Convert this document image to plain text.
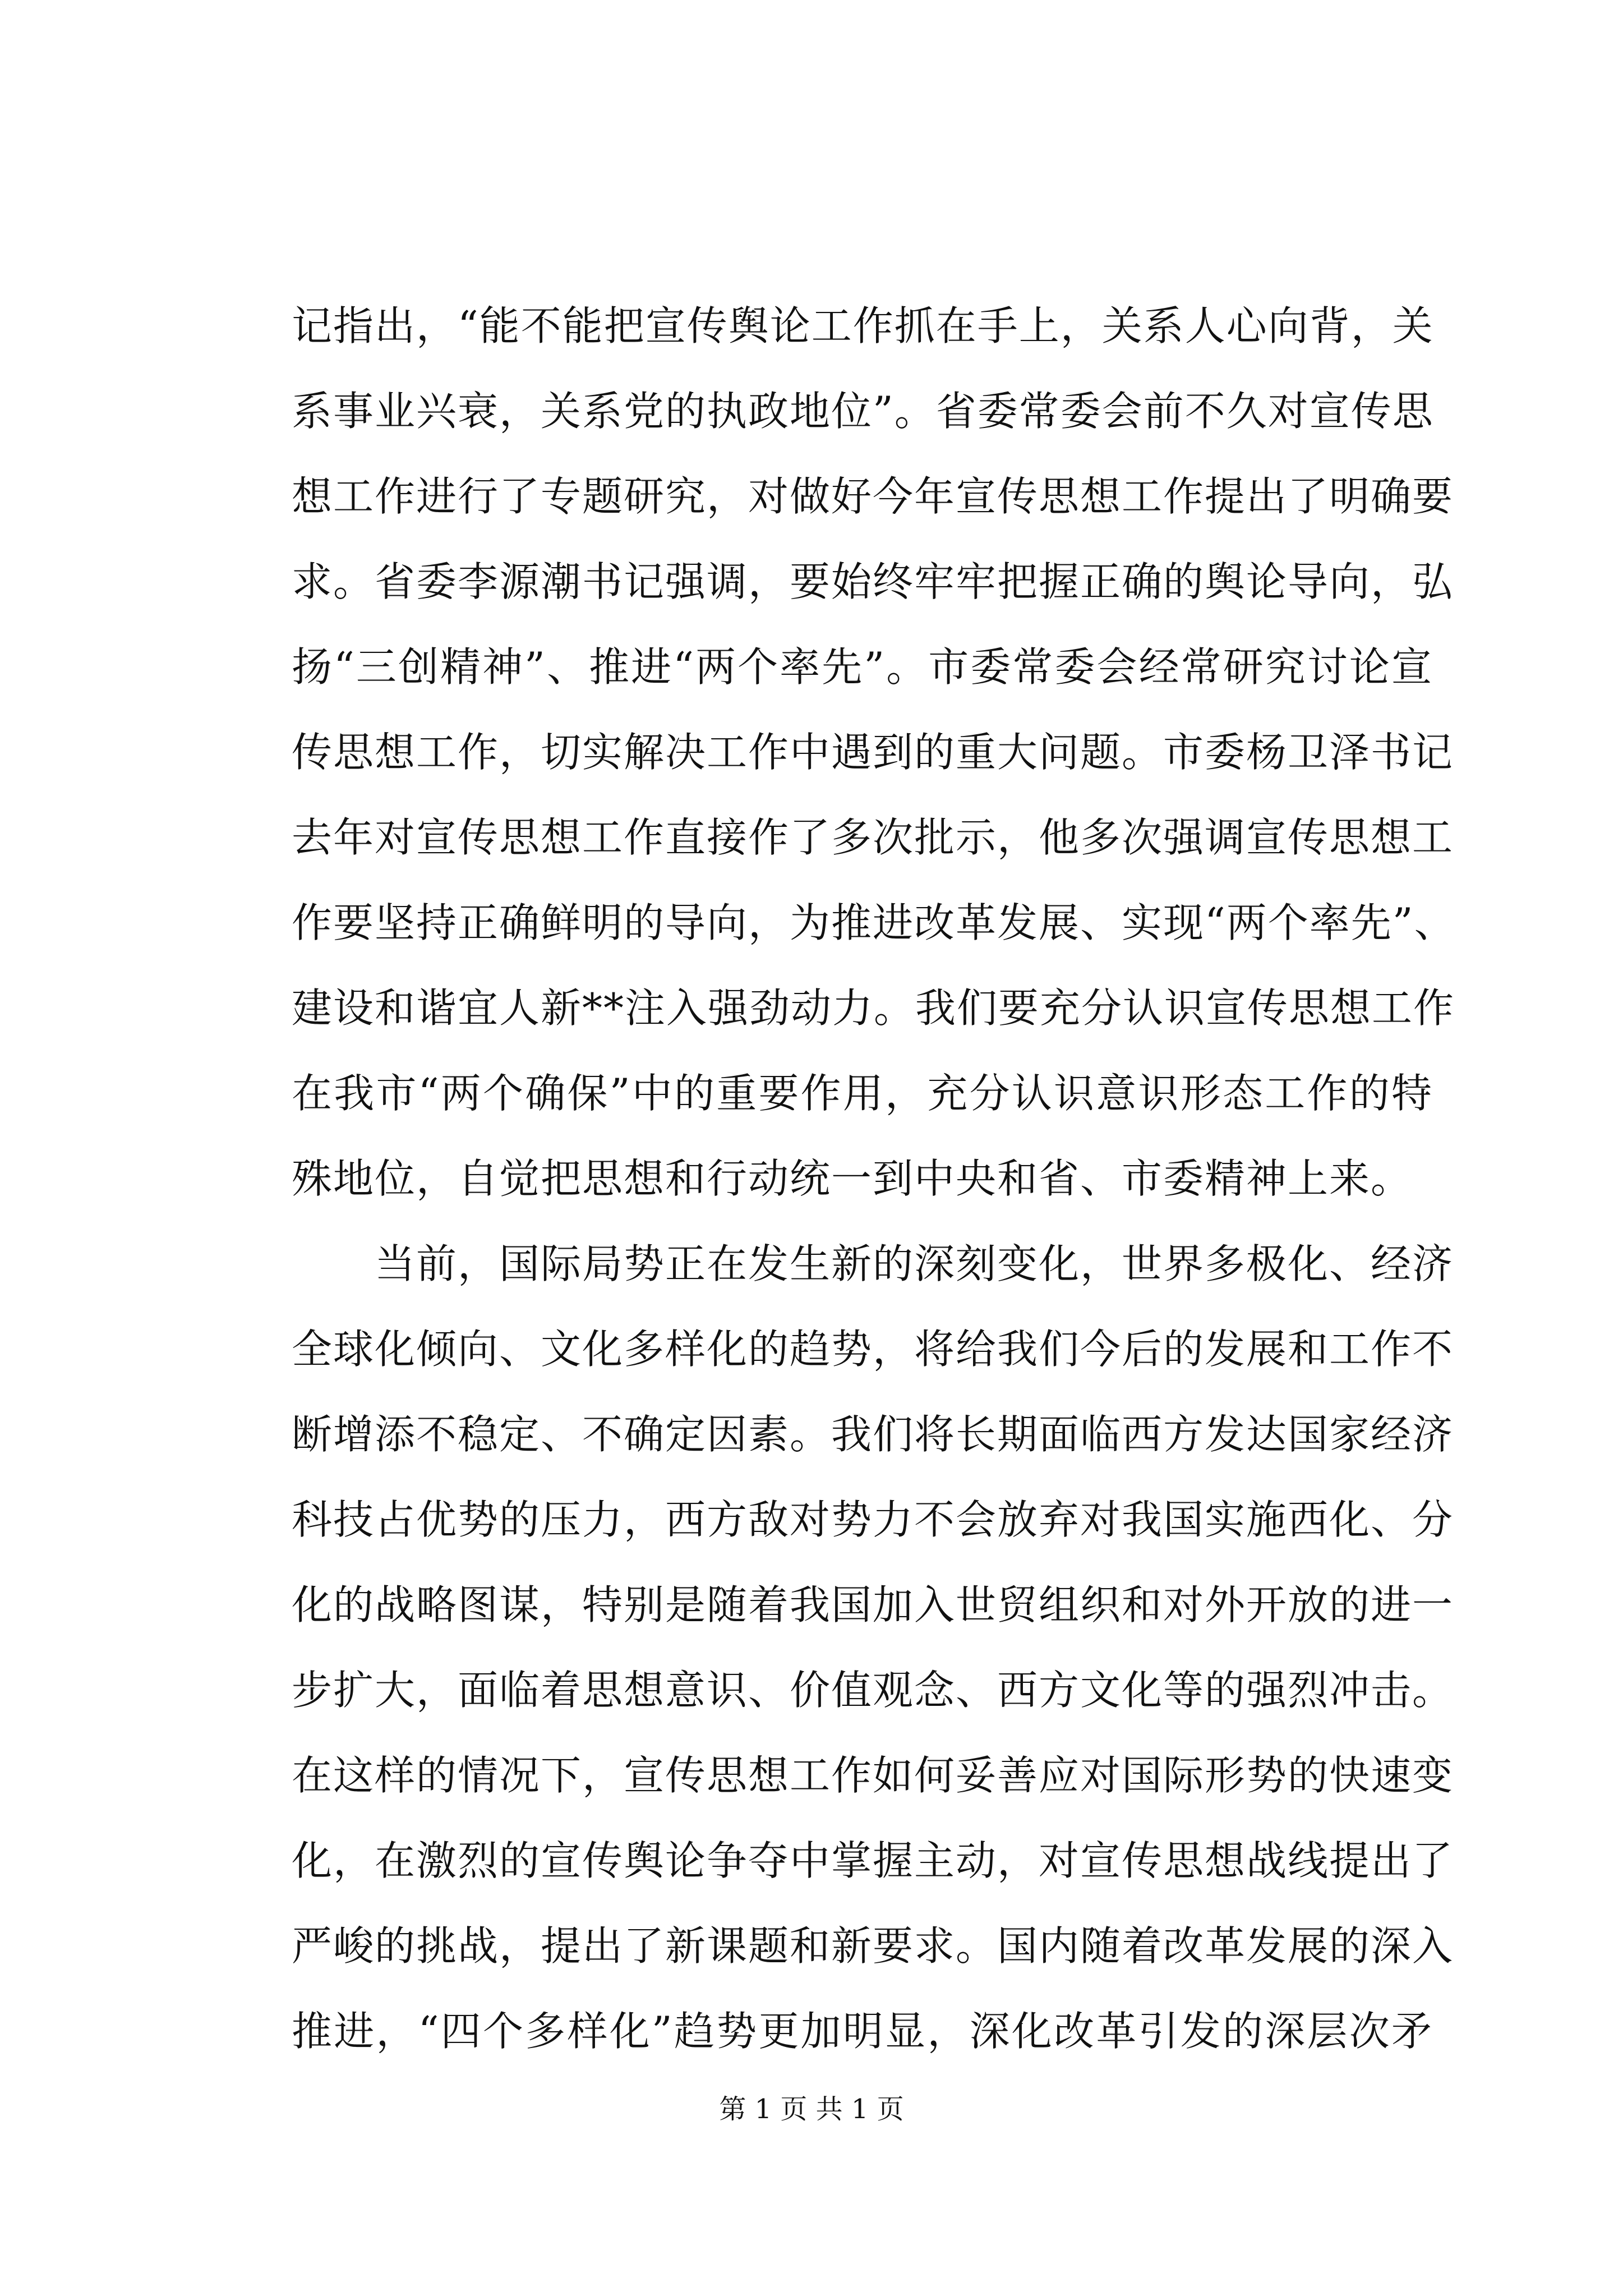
记指出，“能不能把宣传舆论工作抓在手上，关系人心向背，关
系事业兴衰，关系党的执政地位”。省委常委会前不久对宣传思
想工作进行了专题研究，对做好今年宣传思想工作提出了明确要
求。省委李源潮书记强调，要始终牢牢把握正确的舆论导向，弘
扬“三创精神”、推进“两个率先”。市委常委会经常研究讨论宣
传思想工作，切实解决工作中遇到的重大问题。市委杨卫泽书记
去年对宣传思想工作直接作了多次批示，他多次强调宣传思想工
作要坚持正确鲜明的导向，为推进改革发展、实现“两个率先”、
建设和谐宜人新**注入强劲动力。我们要充分认识宣传思想工作
在我市“两个确保”中的重要作用，充分认识意识形态工作的特
殊地位，自觉把思想和行动统一到中央和省、市委精神上来。
　　当前，国际局势正在发生新的深刻变化，世界多极化、经济
全球化倾向、文化多样化的趋势，将给我们今后的发展和工作不
断增添不稳定、不确定因素。我们将长期面临西方发达国家经济
科技占优势的压力，西方敌对势力不会放弃对我国实施西化、分
化的战略图谋，特别是随着我国加入世贸组织和对外开放的进一
步扩大，面临着思想意识、价值观念、西方文化等的强烈冲击。
在这样的情况下，宣传思想工作如何妥善应对国际形势的快速变
化，在激烈的宣传舆论争夺中掌握主动，对宣传思想战线提出了
严峻的挑战，提出了新课题和新要求。国内随着改革发展的深入
推进，“四个多样化”趋势更加明显，深化改革引发的深层次矛
第 1 页 共 1 页
